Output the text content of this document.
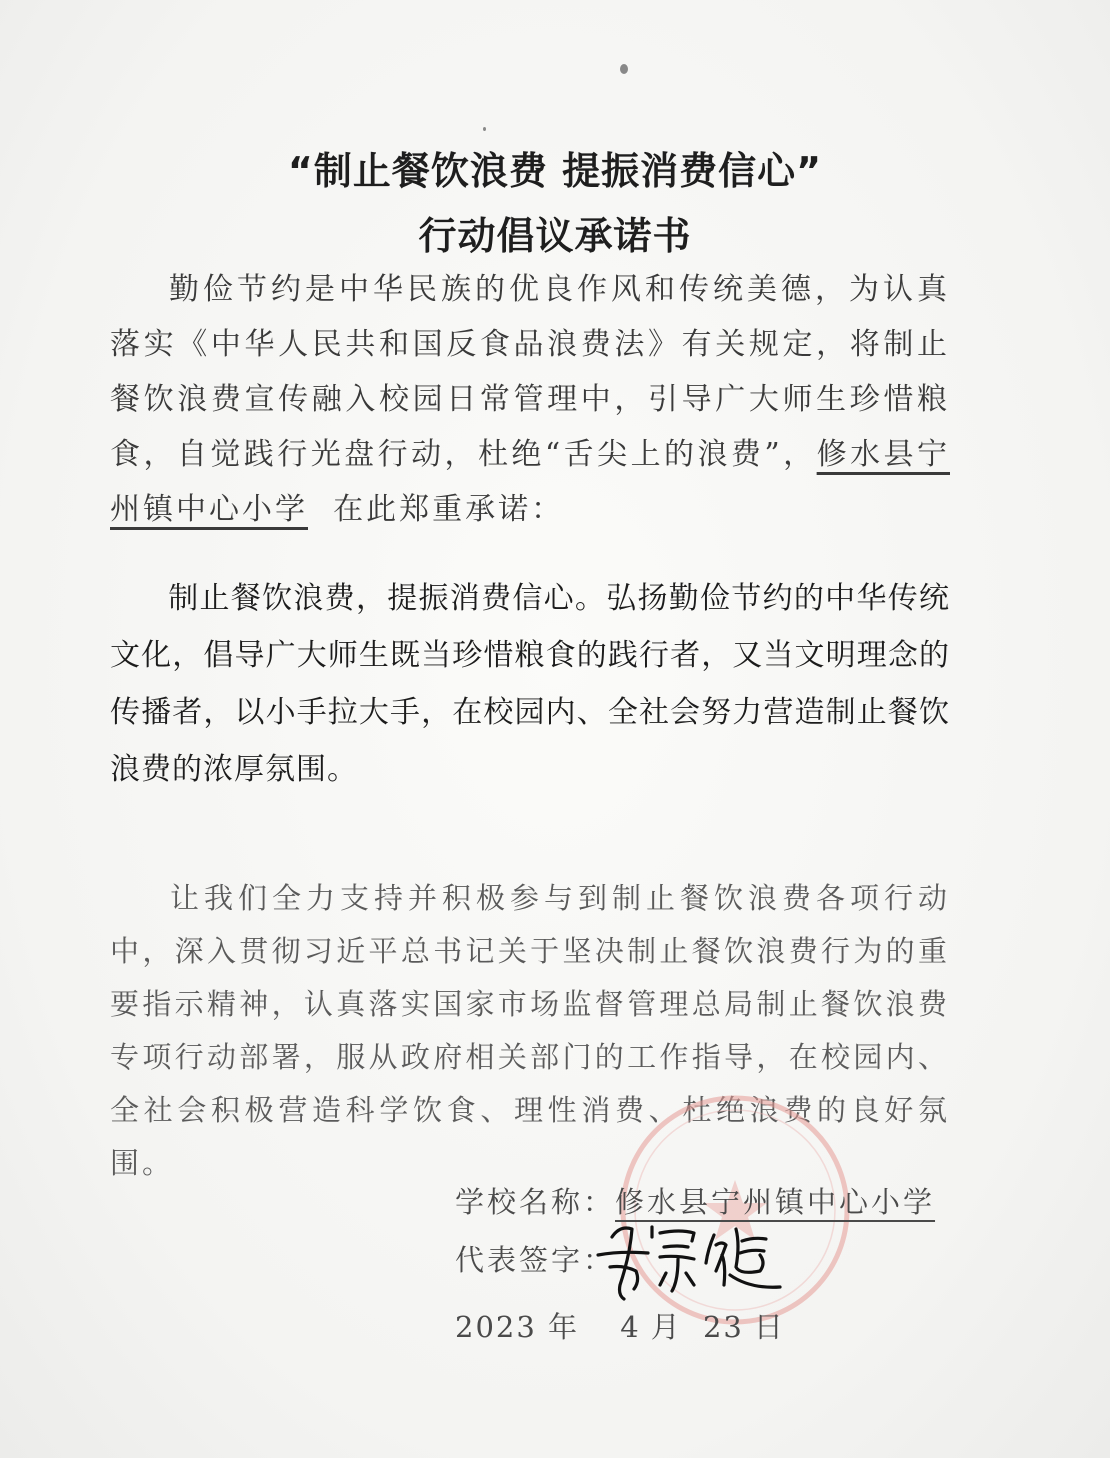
“制止餐饮浪费 提振消费信心”
行动倡议承诺书
勤俭节约是中华民族的优良作风和传统美德，为认真落实《中华人民共和国反食品浪费法》有关规定，将制止餐饮浪费宣传融入校园日常管理中，引导广大师生珍惜粮食，自觉践行光盘行动，杜绝“舌尖上的浪费”，修水县宁州镇中心小学 在此郑重承诺：
制止餐饮浪费，提振消费信心。弘扬勤俭节约的中华传统文化，倡导广大师生既当珍惜粮食的践行者，又当文明理念的传播者，以小手拉大手，在校园内、全社会努力营造制止餐饮浪费的浓厚氛围。
让我们全力支持并积极参与到制止餐饮浪费各项行动中，深入贯彻习近平总书记关于坚决制止餐饮浪费行为的重要指示精神，认真落实国家市场监督管理总局制止餐饮浪费专项行动部署，服从政府相关部门的工作指导，在校园内、全社会积极营造科学饮食、理性消费、杜绝浪费的良好氛围。
学校名称：修水县宁州镇中心小学
代表签字：
2023 年 4 月 23 日
